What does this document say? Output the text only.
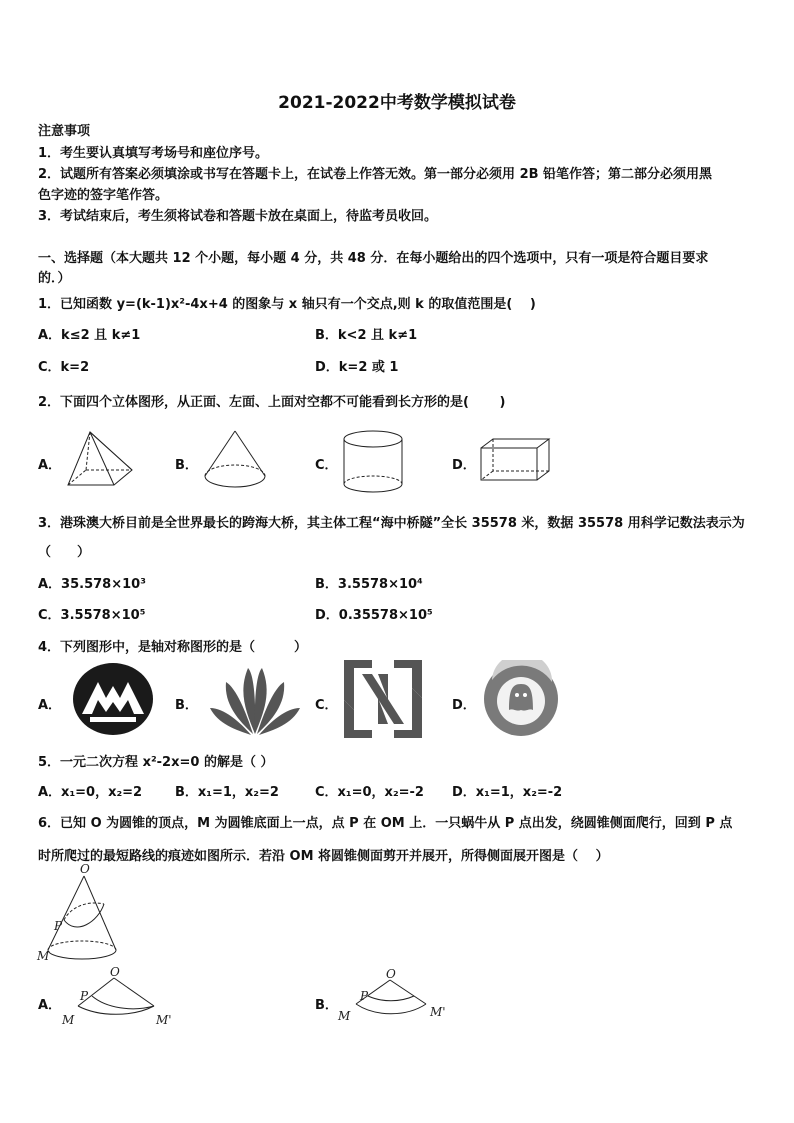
2021-2022中考数学模拟试卷
注意事项
1．考生要认真填写考场号和座位序号。
2．试题所有答案必须填涂或书写在答题卡上，在试卷上作答无效。第一部分必须用 2B 铅笔作答；第二部分必须用黑
色字迹的签字笔作答。
3．考试结束后，考生须将试卷和答题卡放在桌面上，待监考员收回。
一、选择题（本大题共 12 个小题，每小题 4 分，共 48 分．在每小题给出的四个选项中，只有一项是符合题目要求
的．）
1．已知函数 y=(k-1)x²-4x+4 的图象与 x 轴只有一个交点,则 k 的取值范围是(　 )
A．k≤2 且 k≠1	B．k<2 且 k≠1
C．k=2	D．k=2 或 1
2．下面四个立体图形，从正面、左面、上面对空都不可能看到长方形的是(　　 )
A．	B．	C．	D．
3．港珠澳大桥目前是全世界最长的跨海大桥，其主体工程“海中桥隧”全长 35578 米，数据 35578 用科学记数法表示为
（　　）
A．35.578×10³	B．3.5578×10⁴
C．3.5578×10⁵	D．0.35578×10⁵
4．下列图形中，是轴对称图形的是（　　　）
A．	B．	C．	D．
5．一元二次方程 x²-2x=0 的解是（ ）
A．x₁=0，x₂=2	B．x₁=1，x₂=2	C．x₁=0，x₂=-2 D．x₁=1，x₂=-2
6．已知 O 为圆锥的顶点，M 为圆锥底面上一点，点 P 在 OM 上．一只蜗牛从 P 点出发，绕圆锥侧面爬行，回到 P 点
时所爬过的最短路线的痕迹如图所示．若沿 OM 将圆锥侧面剪开并展开，所得侧面展开图是（　 ）
O
P
M
A．
O
P
M	M'
B．
O
P
M	M'
